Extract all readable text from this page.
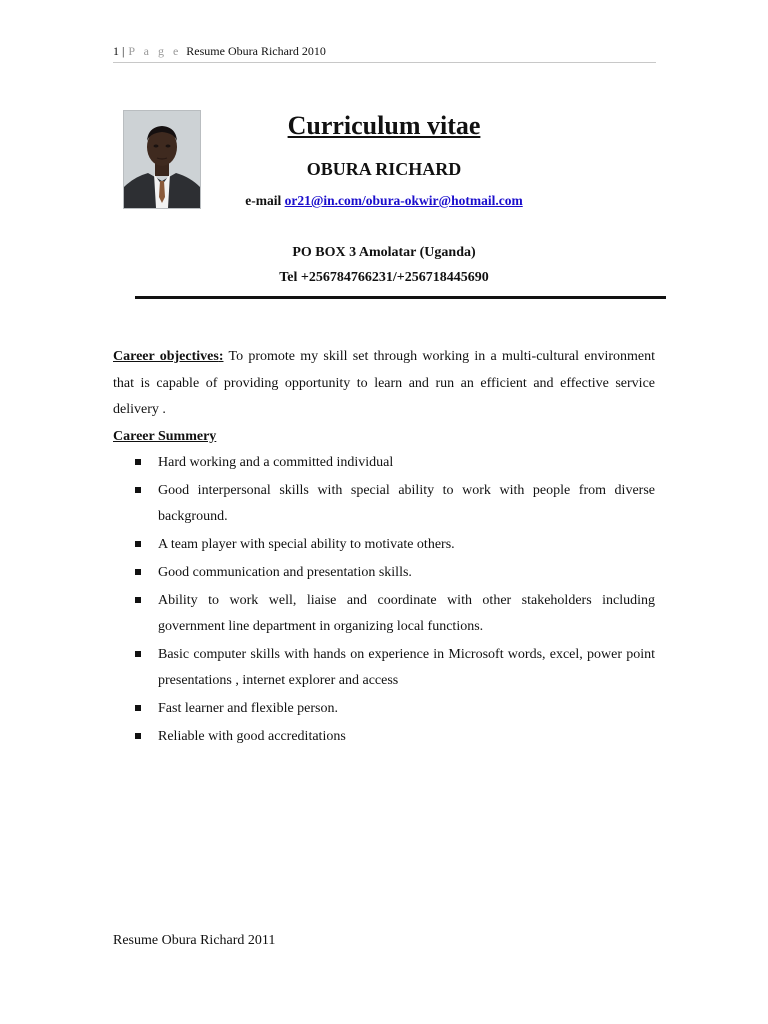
1 | P a g e Resume Obura Richard 2010
Curriculum vitae
OBURA RICHARD
e-mail or21@in.com/obura-okwir@hotmail.com
PO BOX 3 Amolatar (Uganda)
Tel +256784766231/+256718445690

Career objectives: To promote my skill set through working in a multi-cultural environment that is capable of providing opportunity to learn and run an efficient and effective service delivery .

Career Summery

Hard working and a committed individual
Good interpersonal skills with special ability to work with people from diverse background.
A team player with special ability to motivate others.
Good communication and presentation skills.
Ability to work well, liaise and coordinate with other stakeholders including government line department in organizing local functions.
Basic computer skills with hands on experience in Microsoft words, excel, power point presentations , internet explorer and access
Fast learner and flexible person.
Reliable with good accreditations
Resume Obura Richard 2011
